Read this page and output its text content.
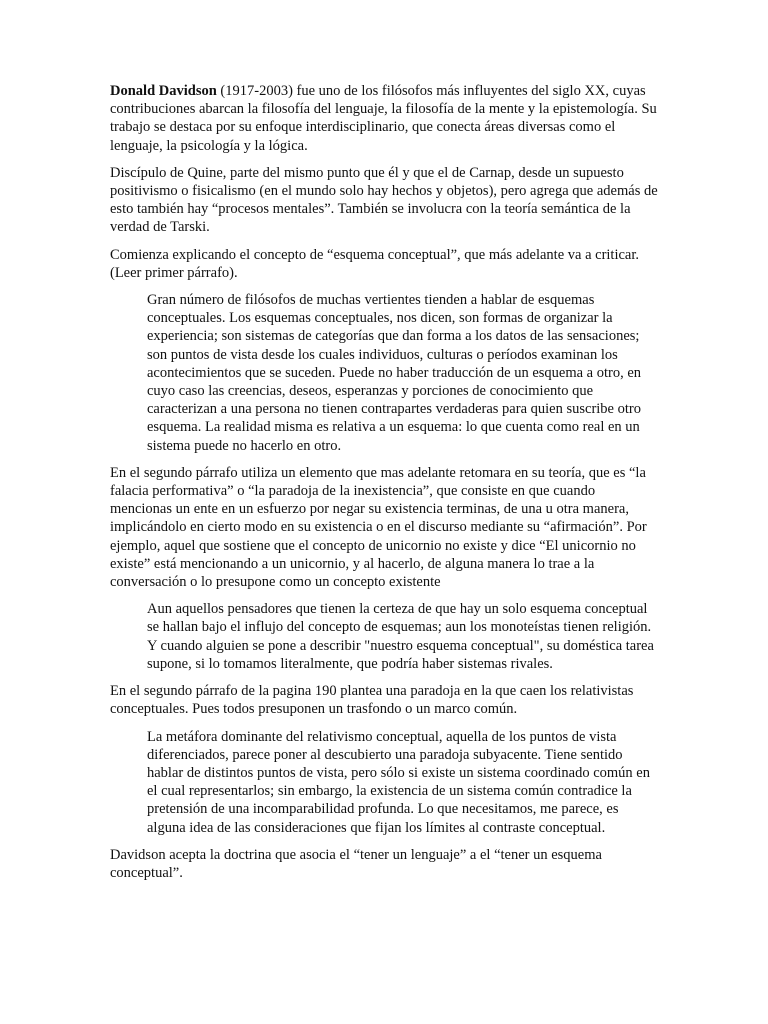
Donald Davidson (1917-2003) fue uno de los filósofos más influyentes del siglo XX, cuyas contribuciones abarcan la filosofía del lenguaje, la filosofía de la mente y la epistemología. Su trabajo se destaca por su enfoque interdisciplinario, que conecta áreas diversas como el lenguaje, la psicología y la lógica.

Discípulo de Quine, parte del mismo punto que él y que el de Carnap, desde un supuesto positivismo o fisicalismo (en el mundo solo hay hechos y objetos), pero agrega que además de esto también hay “procesos mentales”. También se involucra con la teoría semántica de la verdad de Tarski.

Comienza explicando el concepto de “esquema conceptual”, que más adelante va a criticar. (Leer primer párrafo).

Gran número de filósofos de muchas vertientes tienden a hablar de esquemas conceptuales. Los esquemas conceptuales, nos dicen, son formas de organizar la experiencia; son sistemas de categorías que dan forma a los datos de las sensaciones; son puntos de vista desde los cuales individuos, culturas o períodos examinan los acontecimientos que se suceden. Puede no haber traducción de un esquema a otro, en cuyo caso las creencias, deseos, esperanzas y porciones de conocimiento que caracterizan a una persona no tienen contrapartes verdaderas para quien suscribe otro esquema. La realidad misma es relativa a un esquema: lo que cuenta como real en un sistema puede no hacerlo en otro.

En el segundo párrafo utiliza un elemento que mas adelante retomara en su teoría, que es “la falacia performativa” o “la paradoja de la inexistencia”, que consiste en que cuando mencionas un ente en un esfuerzo por negar su existencia terminas, de una u otra manera, implicándolo en cierto modo en su existencia o en el discurso mediante su “afirmación”. Por ejemplo, aquel que sostiene que el concepto de unicornio no existe y dice “El unicornio no existe” está mencionando a un unicornio, y al hacerlo, de alguna manera lo trae a la conversación o lo presupone como un concepto existente

Aun aquellos pensadores que tienen la certeza de que hay un solo esquema conceptual se hallan bajo el influjo del concepto de esquemas; aun los monoteístas tienen religión. Y cuando alguien se pone a describir "nuestro esquema conceptual", su doméstica tarea supone, si lo tomamos literalmente, que podría haber sistemas rivales.

En el segundo párrafo de la pagina 190 plantea una paradoja en la que caen los relativistas conceptuales. Pues todos presuponen un trasfondo o un marco común.

La metáfora dominante del relativismo conceptual, aquella de los puntos de vista diferenciados, parece poner al descubierto una paradoja subyacente. Tiene sentido hablar de distintos puntos de vista, pero sólo si existe un sistema coordinado común en el cual representarlos; sin embargo, la existencia de un sistema común contradice la pretensión de una incomparabilidad profunda. Lo que necesitamos, me parece, es alguna idea de las consideraciones que fijan los límites al contraste conceptual.

Davidson acepta la doctrina que asocia el “tener un lenguaje” a el “tener un esquema conceptual”.
